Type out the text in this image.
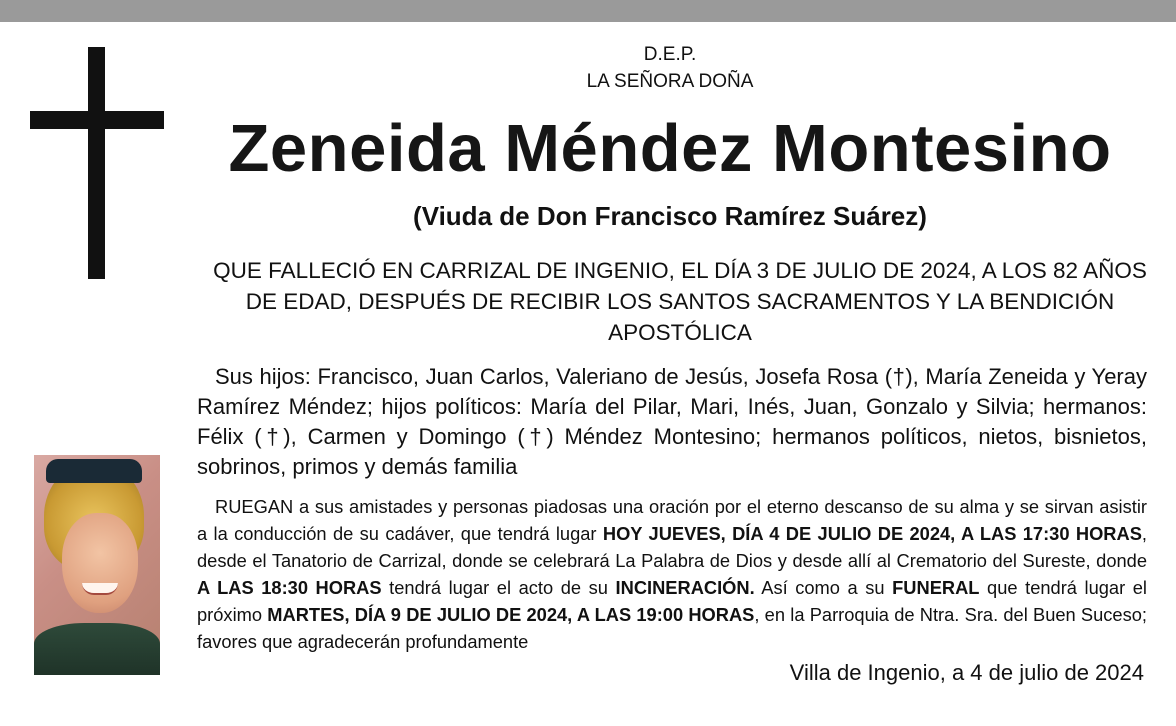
D.E.P.
LA SEÑORA DOÑA
Zeneida Méndez Montesino
(Viuda de Don Francisco Ramírez Suárez)
QUE FALLECIÓ EN CARRIZAL DE INGENIO, EL DÍA 3 DE JULIO DE 2024, A LOS 82 AÑOS DE EDAD, DESPUÉS DE RECIBIR LOS SANTOS SACRAMENTOS Y LA BENDICIÓN APOSTÓLICA
Sus hijos: Francisco, Juan Carlos, Valeriano de Jesús, Josefa Rosa (†), María Zeneida y Yeray Ramírez Méndez; hijos políticos: María del Pilar, Mari, Inés, Juan, Gonzalo y Silvia; hermanos: Félix (†), Carmen y Domingo (†) Méndez Montesino; hermanos políticos, nietos, bisnietos, sobrinos, primos y demás familia
RUEGAN a sus amistades y personas piadosas una oración por el eterno descanso de su alma y se sirvan asistir a la conducción de su cadáver, que tendrá lugar HOY JUEVES, DÍA 4 DE JULIO DE 2024, A LAS 17:30 HORAS, desde el Tanatorio de Carrizal, donde se celebrará La Palabra de Dios y desde allí al Crematorio del Sureste, donde A LAS 18:30 HORAS tendrá lugar el acto de su INCINERACIÓN. Así como a su FUNERAL que tendrá lugar el próximo MARTES, DÍA 9 DE JULIO DE 2024, A LAS 19:00 HORAS, en la Parroquia de Ntra. Sra. del Buen Suceso; favores que agradecerán profundamente
Villa de Ingenio, a 4 de julio de 2024
